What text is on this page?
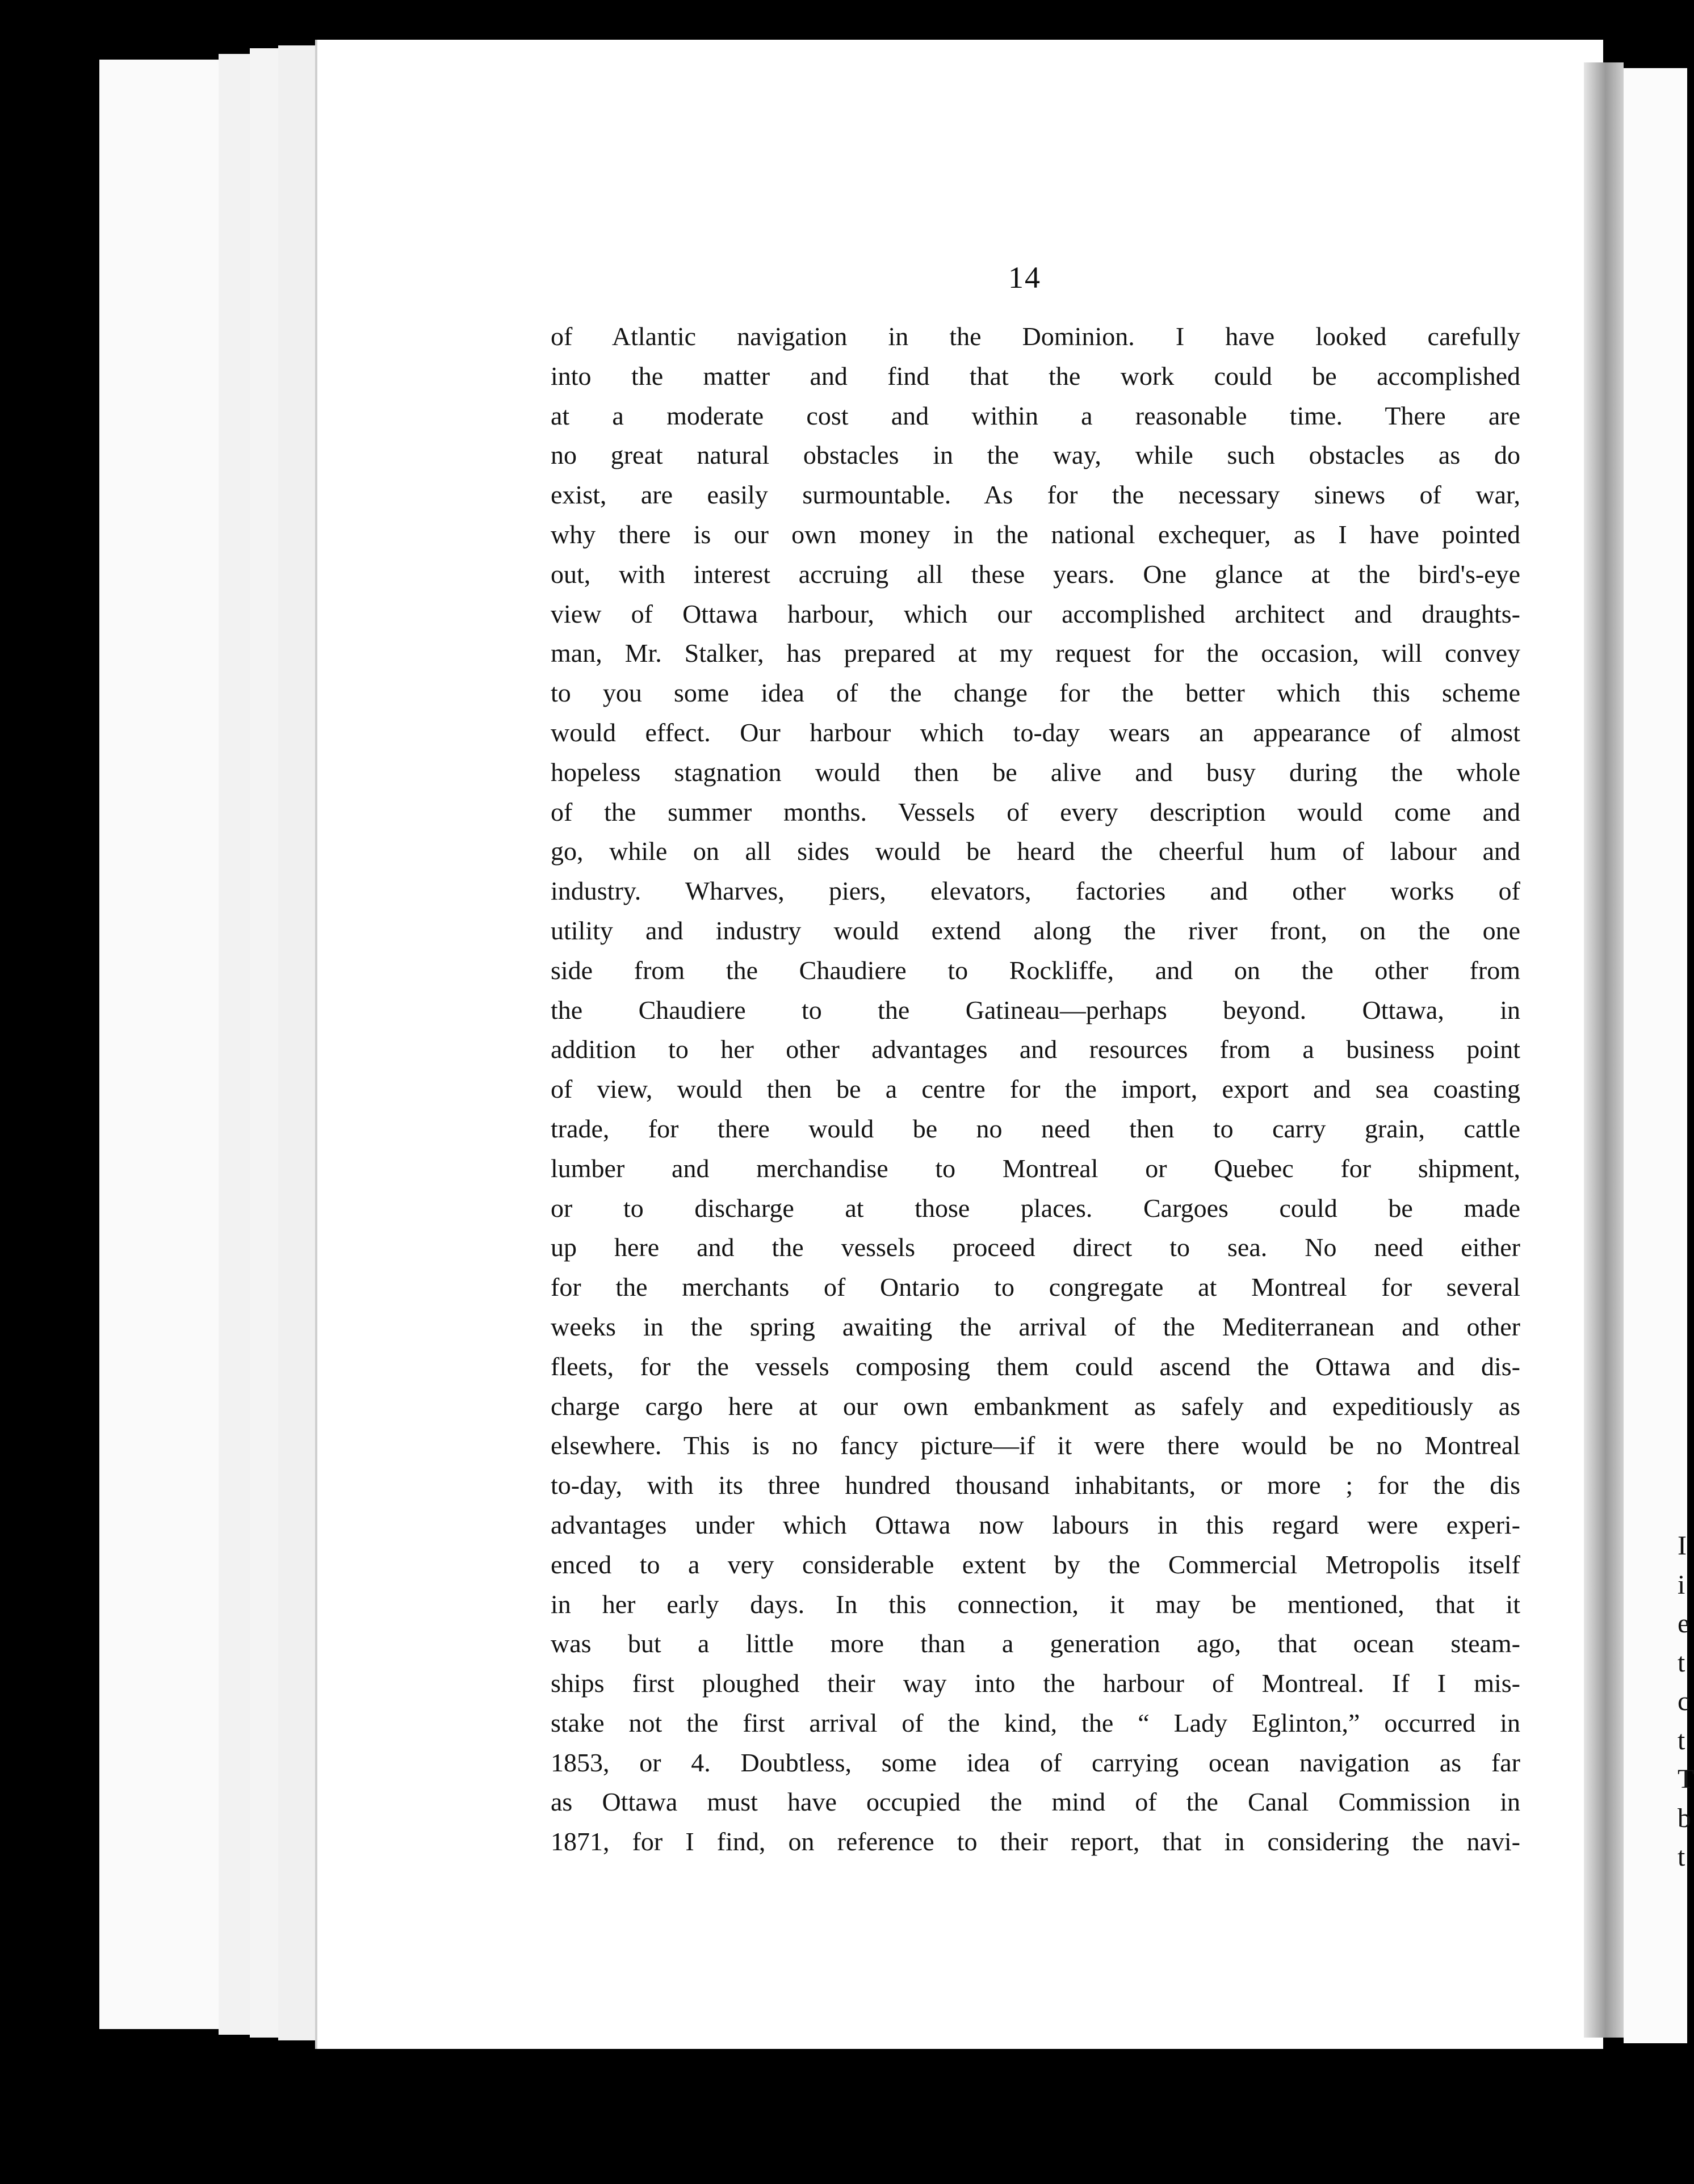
I
i
e
t
c
t
T
b
t
14
of Atlantic navigation in the Dominion. I have looked carefully
into the matter and find that the work could be accomplished
at a moderate cost and within a reasonable time. There are
no great natural obstacles in the way, while such obstacles as do
exist, are easily surmountable. As for the necessary sinews of war,
why there is our own money in the national exchequer, as I have pointed
out, with interest accruing all these years. One glance at the bird's-eye
view of Ottawa harbour, which our accomplished architect and draughts-
man, Mr. Stalker, has prepared at my request for the occasion, will convey
to you some idea of the change for the better which this scheme
would effect. Our harbour which to-day wears an appearance of almost
hopeless stagnation would then be alive and busy during the whole
of the summer months. Vessels of every description would come and
go, while on all sides would be heard the cheerful hum of labour and
industry. Wharves, piers, elevators, factories and other works of
utility and industry would extend along the river front, on the one
side from the Chaudiere to Rockliffe, and on the other from
the Chaudiere to the Gatineau—perhaps beyond. Ottawa, in
addition to her other advantages and resources from a business point
of view, would then be a centre for the import, export and sea coasting
trade, for there would be no need then to carry grain, cattle
lumber and merchandise to Montreal or Quebec for shipment,
or to discharge at those places. Cargoes could be made
up here and the vessels proceed direct to sea. No need either
for the merchants of Ontario to congregate at Montreal for several
weeks in the spring awaiting the arrival of the Mediterranean and other
fleets, for the vessels composing them could ascend the Ottawa and dis-
charge cargo here at our own embankment as safely and expeditiously as
elsewhere. This is no fancy picture—if it were there would be no Montreal
to-day, with its three hundred thousand inhabitants, or more ; for the dis
advantages under which Ottawa now labours in this regard were experi-
enced to a very considerable extent by the Commercial Metropolis itself
in her early days. In this connection, it may be mentioned, that it
was but a little more than a generation ago, that ocean steam-
ships first ploughed their way into the harbour of Montreal. If I mis-
stake not the first arrival of the kind, the “ Lady Eglinton,” occurred in
1853, or 4. Doubtless, some idea of carrying ocean navigation as far
as Ottawa must have occupied the mind of the Canal Commission in
1871, for I find, on reference to their report, that in considering the navi-
